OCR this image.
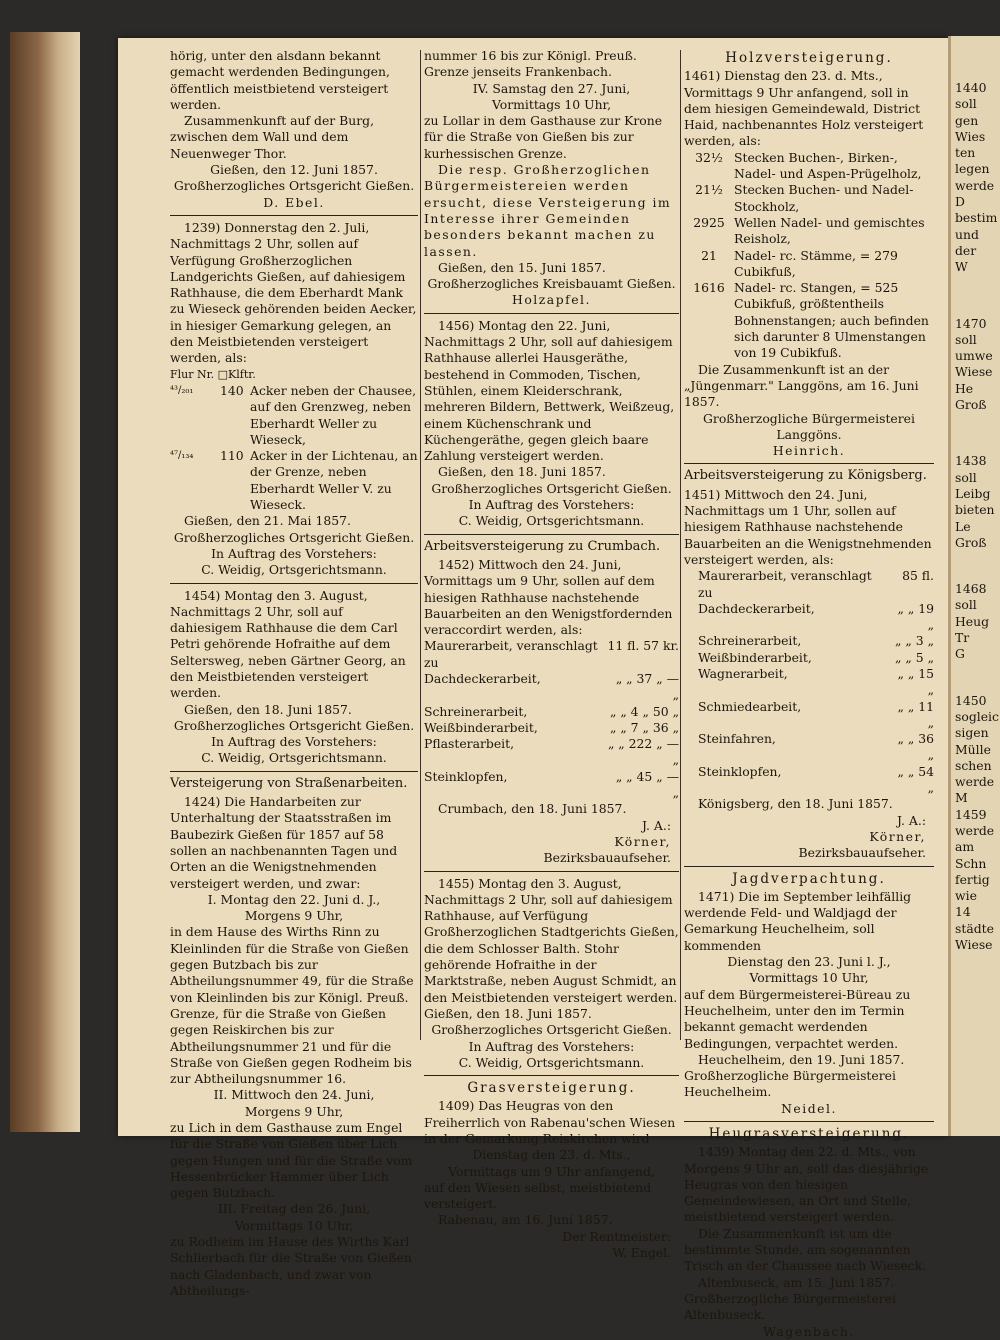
hörig, unter den alsdann bekannt gemacht werdenden Bedingungen, öffentlich meistbietend versteigert werden.

Zusammenkunft auf der Burg, zwischen dem Wall und dem Neuenweger Thor.

Gießen, den 12. Juni 1857.

Großherzogliches Ortsgericht Gießen.

D. Ebel.

1239) Donnerstag den 2. Juli, Nachmittags 2 Uhr, sollen auf Verfügung Großherzoglichen Landgerichts Gießen, auf dahiesigem Rathhause, die dem Eberhardt Mank zu Wieseck gehörenden beiden Aecker, in hiesiger Gemarkung gelegen, an den Meistbietenden versteigert werden, als:

Flur Nr. □Klftr.

⁴³/₂₀₁	140	Acker neben der Chausee, auf den Grenzweg, neben Eberhardt Weller zu Wieseck,
⁴⁷/₁₃₄	110	Acker in der Lichtenau, an der Grenze, neben Eberhardt Weller V. zu Wieseck.

Gießen, den 21. Mai 1857.

Großherzogliches Ortsgericht Gießen.

In Auftrag des Vorstehers:

C. Weidig, Ortsgerichtsmann.

1454) Montag den 3. August, Nachmittags 2 Uhr, soll auf dahiesigem Rathhause die dem Carl Petri gehörende Hofraithe auf dem Seltersweg, neben Gärtner Georg, an den Meistbietenden versteigert werden.

Gießen, den 18. Juni 1857.

Großherzogliches Ortsgericht Gießen.

In Auftrag des Vorstehers:

C. Weidig, Ortsgerichtsmann.

Versteigerung von Straßenarbeiten.

1424) Die Handarbeiten zur Unterhaltung der Staatsstraßen im Baubezirk Gießen für 1857 auf 58 sollen an nachbenannten Tagen und Orten an die Wenigstnehmenden versteigert werden, und zwar:

I. Montag den 22. Juni d. J.,

Morgens 9 Uhr,

in dem Hause des Wirths Rinn zu Kleinlinden für die Straße von Gießen gegen Butzbach bis zur Abtheilungsnummer 49, für die Straße von Kleinlinden bis zur Königl. Preuß. Grenze, für die Straße von Gießen gegen Reiskirchen bis zur Abtheilungsnummer 21 und für die Straße von Gießen gegen Rodheim bis zur Abtheilungsnummer 16.

II. Mittwoch den 24. Juni,

Morgens 9 Uhr,

zu Lich in dem Gasthause zum Engel für die Straße von Gießen über Lich gegen Hungen und für die Straße vom Hessenbrücker Hammer über Lich gegen Butzbach.

III. Freitag den 26. Juni,

Vormittags 10 Uhr,

zu Rodheim im Hause des Wirths Karl Schlierbach für die Straße von Gießen nach Gladenbach, und zwar von Abtheilungs-

nummer 16 bis zur Königl. Preuß. Grenze jenseits Frankenbach.

IV. Samstag den 27. Juni,

Vormittags 10 Uhr,

zu Lollar in dem Gasthause zur Krone für die Straße von Gießen bis zur kurhessischen Grenze.

Die resp. Großherzoglichen Bürgermeistereien werden ersucht, diese Versteigerung im Interesse ihrer Gemeinden besonders bekannt machen zu lassen.

Gießen, den 15. Juni 1857.

Großherzogliches Kreisbauamt Gießen.

Holzapfel.

1456) Montag den 22. Juni, Nachmittags 2 Uhr, soll auf dahiesigem Rathhause allerlei Hausgeräthe, bestehend in Commoden, Tischen, Stühlen, einem Kleiderschrank, mehreren Bildern, Bettwerk, Weißzeug, einem Küchenschrank und Küchengeräthe, gegen gleich baare Zahlung versteigert werden.

Gießen, den 18. Juni 1857.

Großherzogliches Ortsgericht Gießen.

In Auftrag des Vorstehers:

C. Weidig, Ortsgerichtsmann.

Arbeitsversteigerung zu Crumbach.

1452) Mittwoch den 24. Juni, Vormittags um 9 Uhr, sollen auf dem hiesigen Rathhause nachstehende Bauarbeiten an den Wenigstfordernden veraccordirt werden, als:

Maurerarbeit, veranschlagt zu	11 fl. 57 kr.
Dachdeckerarbeit,	„ „ 37 „ — „
Schreinerarbeit,	„ „ 4 „ 50 „
Weißbinderarbeit,	„ „ 7 „ 36 „
Pflasterarbeit,	„ „ 222 „ — „
Steinklopfen,	„ „ 45 „ — „

Crumbach, den 18. Juni 1857.

J. A.:

Körner,

Bezirksbauaufseher.

1455) Montag den 3. August, Nachmittags 2 Uhr, soll auf dahiesigem Rathhause, auf Verfügung Großherzoglichen Stadtgerichts Gießen, die dem Schlosser Balth. Stohr gehörende Hofraithe in der Marktstraße, neben August Schmidt, an den Meistbietenden versteigert werden. Gießen, den 18. Juni 1857.

Großherzogliches Ortsgericht Gießen.

In Auftrag des Vorstehers:

C. Weidig, Ortsgerichtsmann.

Grasversteigerung.

1409) Das Heugras von den Freiherrlich von Rabenau'schen Wiesen in der Gemarkung Reiskirchen wird

Dienstag den 23. d. Mts.,

Vormittags um 9 Uhr anfangend,

auf den Wiesen selbst, meistbietend versteigert.

Rabenau, am 16. Juni 1857.

Der Rentmeister:

W. Engel.

Holzversteigerung.

1461) Dienstag den 23. d. Mts., Vormittags 9 Uhr anfangend, soll in dem hiesigen Gemeindewald, District Haid, nachbenanntes Holz versteigert werden, als:

32½	Stecken Buchen-, Birken-, Nadel- und Aspen-Prügelholz,
21½	Stecken Buchen- und Nadel-Stockholz,
2925	Wellen Nadel- und gemischtes Reisholz,
21	Nadel- rc. Stämme, = 279 Cubikfuß,
1616	Nadel- rc. Stangen, = 525 Cubikfuß, größtentheils Bohnenstangen; auch befinden sich darunter 8 Ulmenstangen von 19 Cubikfuß.

Die Zusammenkunft ist an der „Jüngenmarr." Langgöns, am 16. Juni 1857.

Großherzogliche Bürgermeisterei Langgöns.

Heinrich.

Arbeitsversteigerung zu Königsberg.

1451) Mittwoch den 24. Juni, Nachmittags um 1 Uhr, sollen auf hiesigem Rathhause nachstehende Bauarbeiten an die Wenigstnehmenden versteigert werden, als:

Maurerarbeit, veranschlagt zu	85 fl.
Dachdeckerarbeit,	„ „ 19 „
Schreinerarbeit,	„ „ 3 „
Weißbinderarbeit,	„ „ 5 „
Wagnerarbeit,	„ „ 15 „
Schmiedearbeit,	„ „ 11 „
Steinfahren,	„ „ 36 „
Steinklopfen,	„ „ 54 „

Königsberg, den 18. Juni 1857.

J. A.:

Körner,

Bezirksbauaufseher.

Jagdverpachtung.

1471) Die im September leihfällig werdende Feld- und Waldjagd der Gemarkung Heuchelheim, soll kommenden

Dienstag den 23. Juni l. J.,

Vormittags 10 Uhr,

auf dem Bürgermeisterei-Büreau zu Heuchelheim, unter den im Termin bekannt gemacht werdenden Bedingungen, verpachtet werden.

Heuchelheim, den 19. Juni 1857.

Großherzogliche Bürgermeisterei Heuchelheim.

Neidel.

Heugrasversteigerung.

1439) Montag den 22. d. Mts., von Morgens 9 Uhr an, soll das diesjährige Heugras von den hiesigen Gemeindewiesen, an Ort und Stelle, meistbietend versteigert werden.

Die Zusammenkunft ist um die bestimmte Stunde, am sogenannten Trisch an der Chaussee nach Wieseck.

Altenbuseck, am 15. Juni 1857.

Großherzogliche Bürgermeisterei Altenbuseck.

Wagenbach.

1440
soll
gen
Wies
ten
legen
werde
D
bestim
und
der
W
1470
soll
umwe
Wiese
He
Groß
1438
soll
Leibg
bieten
Le
Groß
1468
soll
Heug
Tr
G
1450
sogleic
sigen
Mülle
schen
werde
M
1459
werde
am
Schn
fertig
wie
14
städte
Wiese
